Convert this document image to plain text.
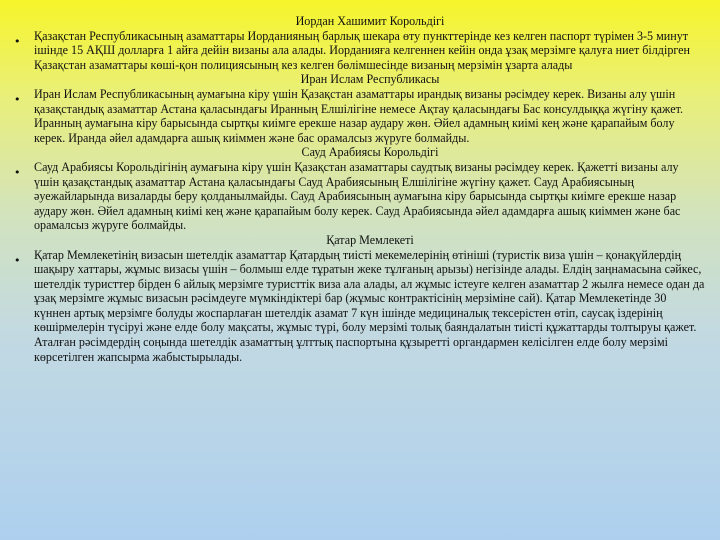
•

Иордан Хашимит Корольдігі

Қазақстан Республикасының азаматтары Иорданияның барлық шекара өту пункттерінде кез келген паспорт түрімен 3-5 минут ішінде 15 АҚШ долларға 1 айға дейін визаны ала алады. Иорданияға келгеннен кейін онда ұзақ мерзімге қалуға ниет білдірген Қазақстан азаматтары көші-қон полициясының кез келген бөлімшесінде визаның мерзімін ұзарта алады

•

Иран Ислам Республикасы

Иран Ислам Республикасының аумағына кіру үшін Қазақстан азаматтары ирандық визаны рәсімдеу керек. Визаны алу үшін қазақстандық азаматтар Астана қаласындағы Иранның Елшілігіне немесе Ақтау қаласындағы Бас консулдыққа жүгіну қажет. Иранның аумағына кіру барысында сыртқы киімге ерекше назар аудару жөн. Әйел адамның киімі кең және қарапайым болу керек. Иранда әйел адамдарға ашық киіммен және бас орамалсыз жүруге болмайды.

•

Сауд Арабиясы Корольдігі

Сауд Арабиясы Корольдігінің аумағына кіру үшін Қазақстан азаматтары саудтық визаны рәсімдеу керек. Қажетті визаны алу үшін қазақстандық азаматтар Астана қаласындағы Сауд Арабиясының Елшілігіне жүгіну қажет. Сауд Арабиясының әуежайларында визаларды беру қолданылмайды. Сауд Арабиясының аумағына кіру барысында сыртқы киімге ерекше назар аудару жөн. Әйел адамның киімі кең және қарапайым болу керек. Сауд Арабиясында әйел адамдарға ашық киіммен және бас орамалсыз жүруге болмайды.

•

Қатар Мемлекеті

Қатар Мемлекетінің визасын шетелдік азаматтар Қатардың тиісті мекемелерінің өтініші (туристік виза үшін – қонақүйлердің шақыру хаттары, жұмыс визасы үшін – болмыш елде тұратын жеке тұлғаның арызы) негізінде алады. Елдің заңнамасына сәйкес, шетелдік туристтер бірден 6 айлық мерзімге туристтік виза ала алады, ал жұмыс істеуге келген азаматтар 2 жылға немесе одан да ұзақ мерзімге жұмыс визасын рәсімдеуге мүмкіндіктері бар (жұмыс контрактісінің мерзіміне сай). Қатар Мемлекетінде 30 күннен артық мерзімге болуды жоспарлаған шетелдік азамат 7 күн ішінде медициналық тексерістен өтіп, саусақ іздерінің көшірмелерін түсіруі және елде болу мақсаты, жұмыс түрі, болу мерзімі толық баяндалатын тиісті құжаттарды толтыруы қажет. Аталған рәсімдердің соңында шетелдік азаматтың ұлттық паспортына құзыретті органдармен келісілген елде болу мерзімі көрсетілген жапсырма жабыстырылады.
